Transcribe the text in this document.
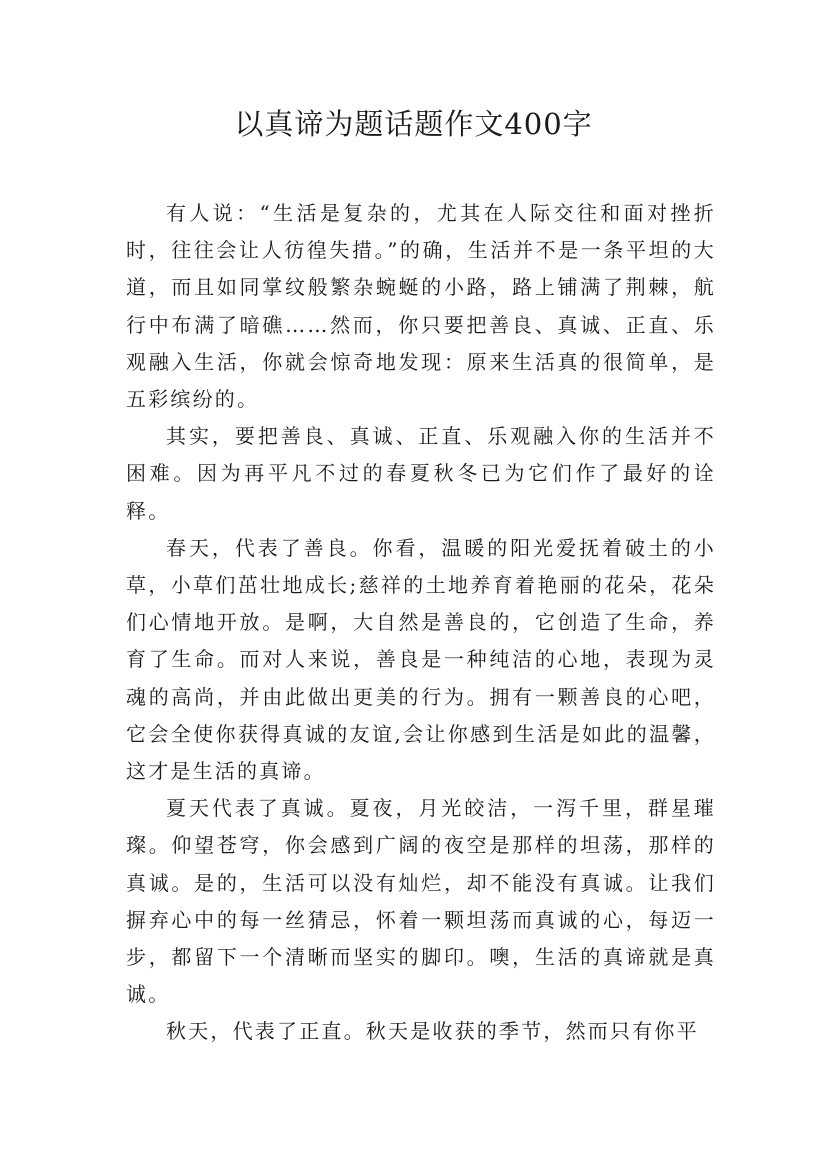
以真谛为题话题作文400字

有人说：“生活是复杂的，尤其在人际交往和面对挫折时，往往会让人彷徨失措。”的确，生活并不是一条平坦的大道，而且如同掌纹般繁杂蜿蜒的小路，路上铺满了荆棘，航行中布满了暗礁……然而，你只要把善良、真诚、正直、乐观融入生活，你就会惊奇地发现：原来生活真的很简单，是五彩缤纷的。

其实，要把善良、真诚、正直、乐观融入你的生活并不困难。因为再平凡不过的春夏秋冬已为它们作了最好的诠释。

春天，代表了善良。你看，温暖的阳光爱抚着破土的小草，小草们茁壮地成长;慈祥的土地养育着艳丽的花朵，花朵们心情地开放。是啊，大自然是善良的，它创造了生命，养育了生命。而对人来说，善良是一种纯洁的心地，表现为灵魂的高尚，并由此做出更美的行为。拥有一颗善良的心吧，它会全使你获得真诚的友谊,会让你感到生活是如此的温馨，这才是生活的真谛。

夏天代表了真诚。夏夜，月光皎洁，一泻千里，群星璀璨。仰望苍穹，你会感到广阔的夜空是那样的坦荡，那样的真诚。是的，生活可以没有灿烂，却不能没有真诚。让我们摒弃心中的每一丝猜忌，怀着一颗坦荡而真诚的心，每迈一步，都留下一个清晰而坚实的脚印。噢，生活的真谛就是真诚。

秋天，代表了正直。秋天是收获的季节，然而只有你平
